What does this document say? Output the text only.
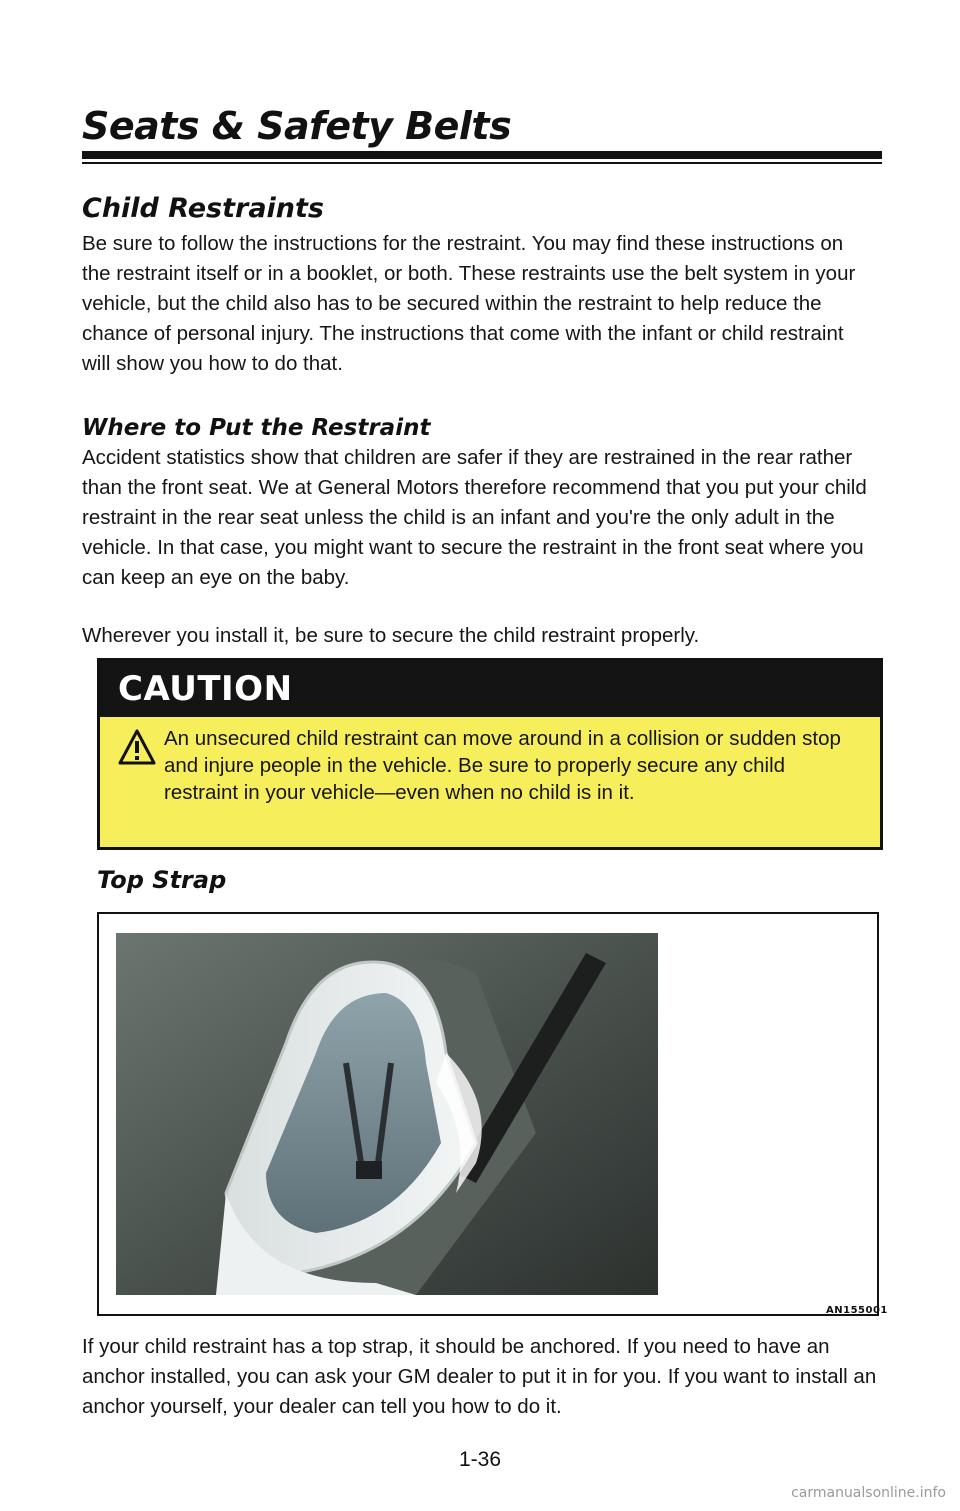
Seats & Safety Belts
Child Restraints

Be sure to follow the instructions for the restraint. You may find these instructions on the restraint itself or in a booklet, or both. These restraints use the belt system in your vehicle, but the child also has to be secured within the restraint to help reduce the chance of personal injury. The instructions that come with the infant or child restraint will show you how to do that.

Where to Put the Restraint

Accident statistics show that children are safer if they are restrained in the rear rather than the front seat. We at General Motors therefore recommend that you put your child restraint in the rear seat unless the child is an infant and you're the only adult in the vehicle. In that case, you might want to secure the restraint in the front seat where you can keep an eye on the baby.

Wherever you install it, be sure to secure the child restraint properly.

CAUTION

An unsecured child restraint can move around in a collision or sudden stop and injure people in the vehicle. Be sure to properly secure any child restraint in your vehicle—even when no child is in it.

Top Strap
AN155001

If your child restraint has a top strap, it should be anchored. If you need to have an anchor installed, you can ask your GM dealer to put it in for you. If you want to install an anchor yourself, your dealer can tell you how to do it.

1-36
carmanualsonline.info
